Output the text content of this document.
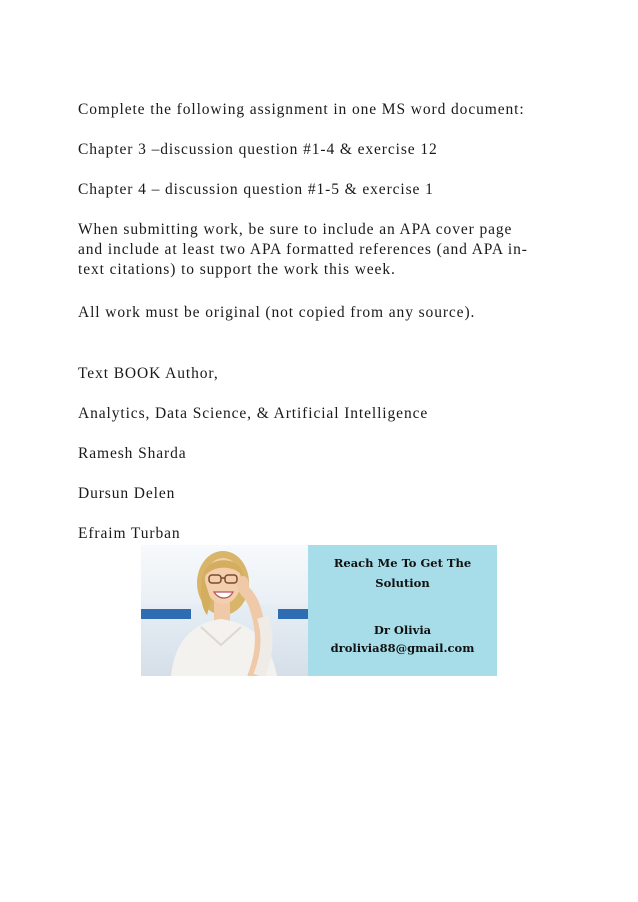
Complete the following assignment in one MS word document:

Chapter 3 –discussion question #1-4 & exercise 12

Chapter 4 – discussion question #1-5 & exercise 1

When submitting work, be sure to include an APA cover page
and include at least two APA formatted references (and APA in-
text citations) to support the work this week.

All work must be original (not copied from any source).

Text BOOK Author,

Analytics, Data Science, & Artificial Intelligence

Ramesh Sharda

Dursun Delen

Efraim Turban

Reach Me To Get The
Solution
Dr Olivia
drolivia88@gmail.com
